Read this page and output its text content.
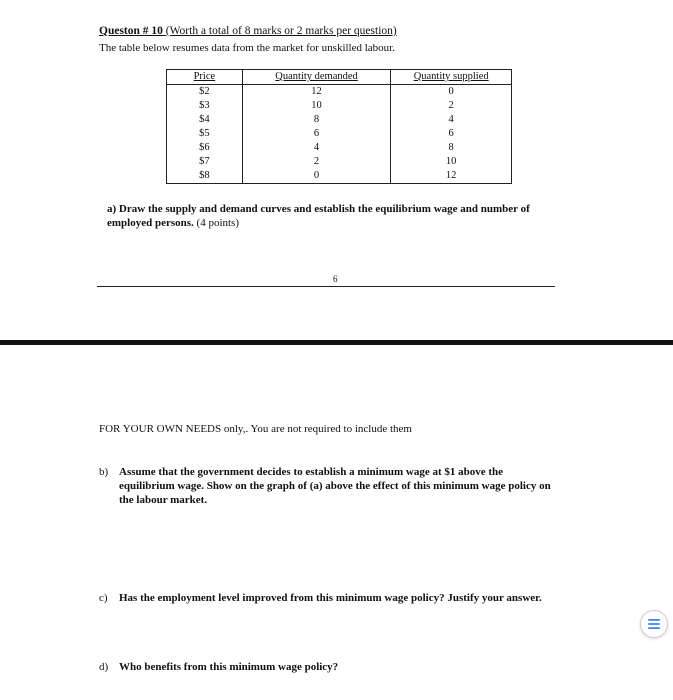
Queston # 10 (Worth a total of 8 marks or 2 marks per question)
The table below resumes data from the market for unskilled labour.
Price	Quantity demanded	Quantity supplied
$2	12	0
$3	10	2
$4	8	4
$5	6	6
$6	4	8
$7	2	10
$8	0	12
a) Draw the supply and demand curves and establish the equilibrium wage and number of employed persons. (4 points)
6
FOR YOUR OWN NEEDS only,. You are not required to include them
b) Assume that the government decides to establish a minimum wage at $1 above the equilibrium wage. Show on the graph of (a) above the effect of this minimum wage policy on the labour market.
c) Has the employment level improved from this minimum wage policy? Justify your answer.
d) Who benefits from this minimum wage policy?
